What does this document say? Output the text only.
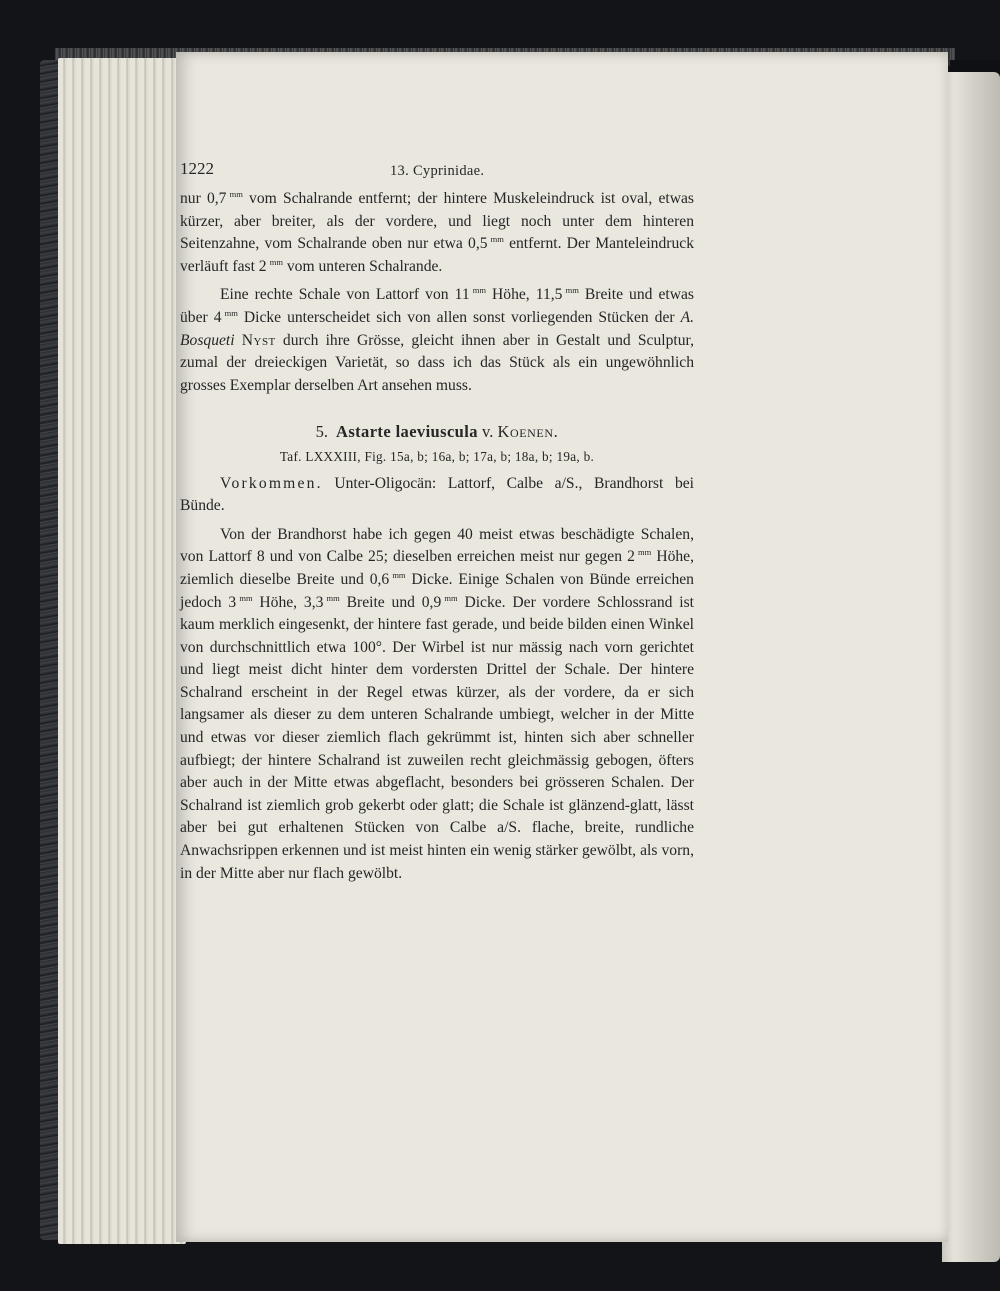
1222	13. Cyprinidae.

nur 0,7  $^{mm}$ vom Schalrande entfernt; der hintere Muskeleindruck ist oval, etwas kürzer, aber breiter, als der vordere, und liegt noch unter dem hinteren Seitenzahne, vom Schalrande oben nur etwa 0,5  $^{mm}$ entfernt. Der Manteleindruck verläuft fast 2  $^{mm}$ vom unteren Schalrande.

Eine rechte Schale von Lattorf von 11  $^{mm}$ Höhe, 11,5  $^{mm}$ Breite und etwas über 4  $^{mm}$ Dicke unterscheidet sich von allen sonst vorliegenden Stücken der A. Bosqueti Nyst durch ihre Grösse, gleicht ihnen aber in Gestalt und Sculptur, zumal der dreieckigen Varietät, so dass ich das Stück als ein ungewöhnlich grosses Exemplar derselben Art ansehen muss.

5. Astarte laeviuscula v. Koenen.
Taf. LXXXIII, Fig. 15a, b; 16a, b; 17a, b; 18a, b; 19a, b.

Vorkommen. Unter-Oligocän: Lattorf, Calbe a/S., Brandhorst bei Bünde.

Von der Brandhorst habe ich gegen 40 meist etwas beschädigte Schalen, von Lattorf 8 und von Calbe 25; dieselben erreichen meist nur gegen 2  $^{mm}$ Höhe, ziemlich dieselbe Breite und 0,6  $^{mm}$ Dicke. Einige Schalen von Bünde erreichen jedoch 3  $^{mm}$ Höhe, 3,3  $^{mm}$ Breite und 0,9  $^{mm}$ Dicke. Der vordere Schlossrand ist kaum merklich eingesenkt, der hintere fast gerade, und beide bilden einen Winkel von durchschnittlich etwa 100°. Der Wirbel ist nur mässig nach vorn gerichtet und liegt meist dicht hinter dem vordersten Drittel der Schale. Der hintere Schalrand erscheint in der Regel etwas kürzer, als der vordere, da er sich langsamer als dieser zu dem unteren Schalrande umbiegt, welcher in der Mitte und etwas vor dieser ziemlich flach gekrümmt ist, hinten sich aber schneller aufbiegt; der hintere Schalrand ist zuweilen recht gleichmässig gebogen, öfters aber auch in der Mitte etwas abgeflacht, besonders bei grösseren Schalen. Der Schalrand ist ziemlich grob gekerbt oder glatt; die Schale ist glänzend-glatt, lässt aber bei gut erhaltenen Stücken von Calbe a/S. flache, breite, rundliche Anwachsrippen erkennen und ist meist hinten ein wenig stärker gewölbt, als vorn, in der Mitte aber nur flach gewölbt.
